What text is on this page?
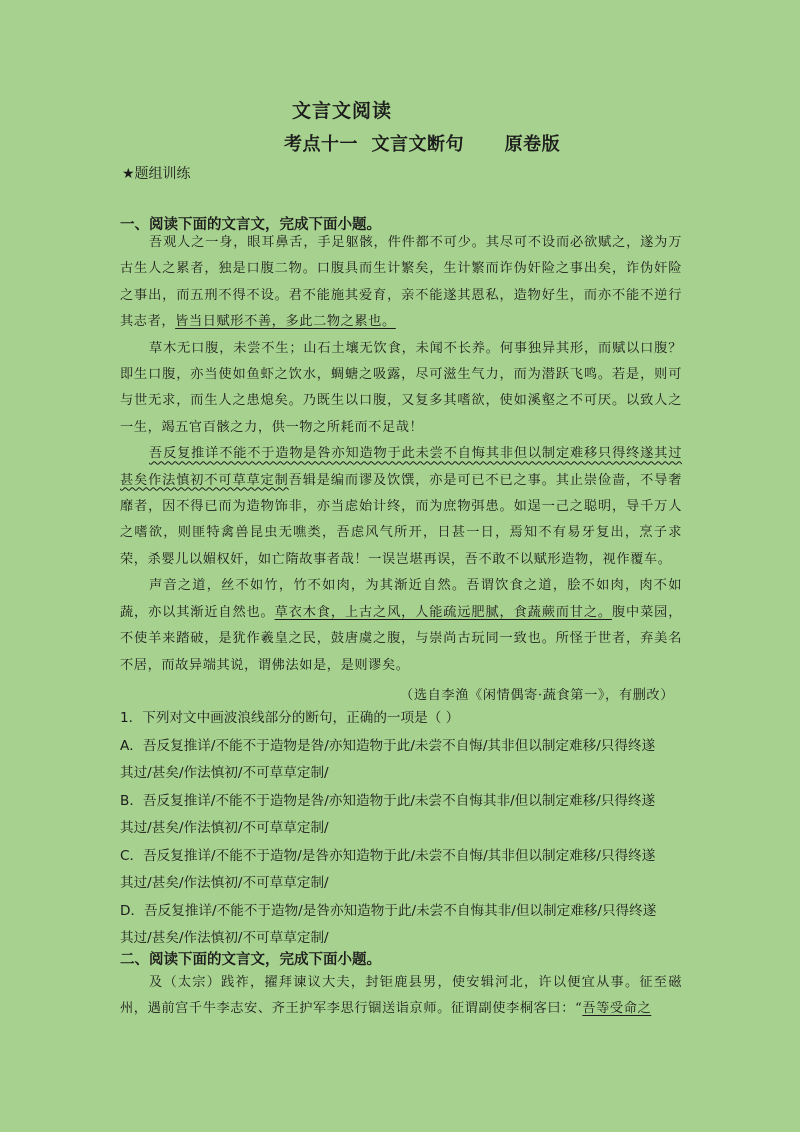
文言文阅读
考点十一  文言文断句      原卷版
★题组训练
一、阅读下面的文言文，完成下面小题。

吾观人之一身，眼耳鼻舌，手足躯骸，件件都不可少。其尽可不设而必欲赋之，遂为万古生人之累者，独是口腹二物。口腹具而生计繁矣，生计繁而诈伪奸险之事出矣，诈伪奸险之事出，而五刑不得不设。君不能施其爱育，亲不能遂其恩私，造物好生，而亦不能不逆行其志者，皆当日赋形不善，多此二物之累也。

草木无口腹，未尝不生；山石土壤无饮食，未闻不长养。何事独异其形，而赋以口腹？即生口腹，亦当使如鱼虾之饮水，蜩螗之吸露，尽可滋生气力，而为潜跃飞鸣。若是，则可与世无求，而生人之患熄矣。乃既生以口腹，又复多其嗜欲，使如溪壑之不可厌。以致人之一生，竭五官百骸之力，供一物之所耗而不足哉！

吾反复推详不能不于造物是咎亦知造物于此未尝不自悔其非但以制定难移只得终遂其过甚矣作法慎初不可草草定制吾辑是编而谬及饮馔，亦是可已不已之事。其止崇俭啬，不导奢靡者，因不得已而为造物饰非，亦当虑始计终，而为庶物弭患。如逞一己之聪明，导千万人之嗜欲，则匪特禽兽昆虫无噍类，吾虑风气所开，日甚一日，焉知不有易牙复出，烹子求荣，杀婴儿以媚权奸，如亡隋故事者哉！一误岂堪再误，吾不敢不以赋形造物，视作覆车。

声音之道，丝不如竹，竹不如肉，为其渐近自然。吾谓饮食之道，脍不如肉，肉不如蔬，亦以其渐近自然也。草衣木食，上古之风，人能疏远肥腻，食蔬蕨而甘之。腹中菜园，不使羊来踏破，是犹作羲皇之民，鼓唐虞之腹，与崇尚古玩同一致也。所怪于世者，弃美名不居，而故异端其说，谓佛法如是，是则谬矣。

（选自李渔《闲情偶寄·蔬食第一》，有删改）
1．下列对文中画波浪线部分的断句，正确的一项是（ ）
A．吾反复推详/不能不于造物是咎/亦知造物于此/未尝不自悔/其非但以制定难移/只得终遂
其过/甚矣/作法慎初/不可草草定制/
B．吾反复推详/不能不于造物是咎/亦知造物于此/未尝不自悔其非/但以制定难移/只得终遂
其过/甚矣/作法慎初/不可草草定制/
C．吾反复推详/不能不于造物/是咎亦知造物于此/未尝不自悔/其非但以制定难移/只得终遂
其过/甚矣/作法慎初/不可草草定制/
D．吾反复推详/不能不于造物/是咎亦知造物于此/未尝不自悔其非/但以制定难移/只得终遂
其过/甚矣/作法慎初/不可草草定制/
二、阅读下面的文言文，完成下面小题。

及（太宗）践祚，擢拜谏议大夫，封钜鹿县男，使安辑河北，许以便宜从事。征至磁州，遇前宫千牛李志安、齐王护军李思行锢送诣京师。征谓副使李桐客曰：“吾等受命之
